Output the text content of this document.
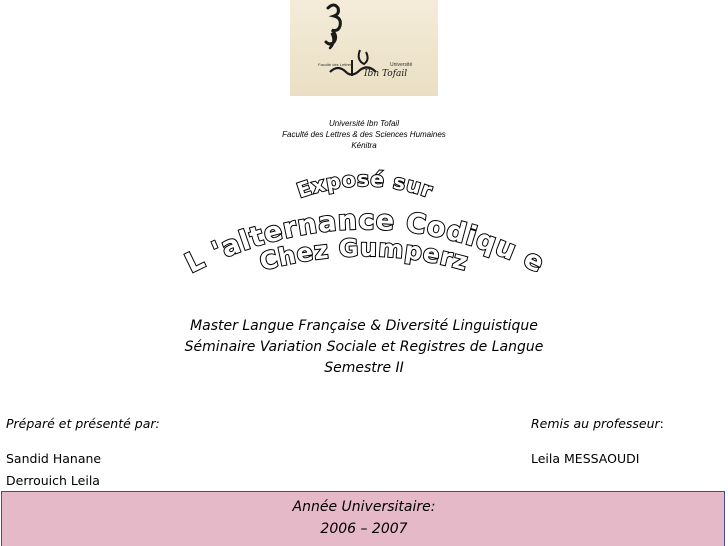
Faculté des Lettres	Université
Ibn Tofail
Université Ibn Tofail
Faculté des Lettres & des Sciences Humaines
Kénitra
Exposé sur
L 'alternance Codiqu e
Chez Gumperz
Master Langue Française & Diversité Linguistique
Séminaire Variation Sociale et Registres de Langue
Semestre II
Préparé et présenté par:
Sandid Hanane
Derrouich Leila
Remis au professeur:
Leila MESSAOUDI
Année Universitaire:
2006 – 2007
